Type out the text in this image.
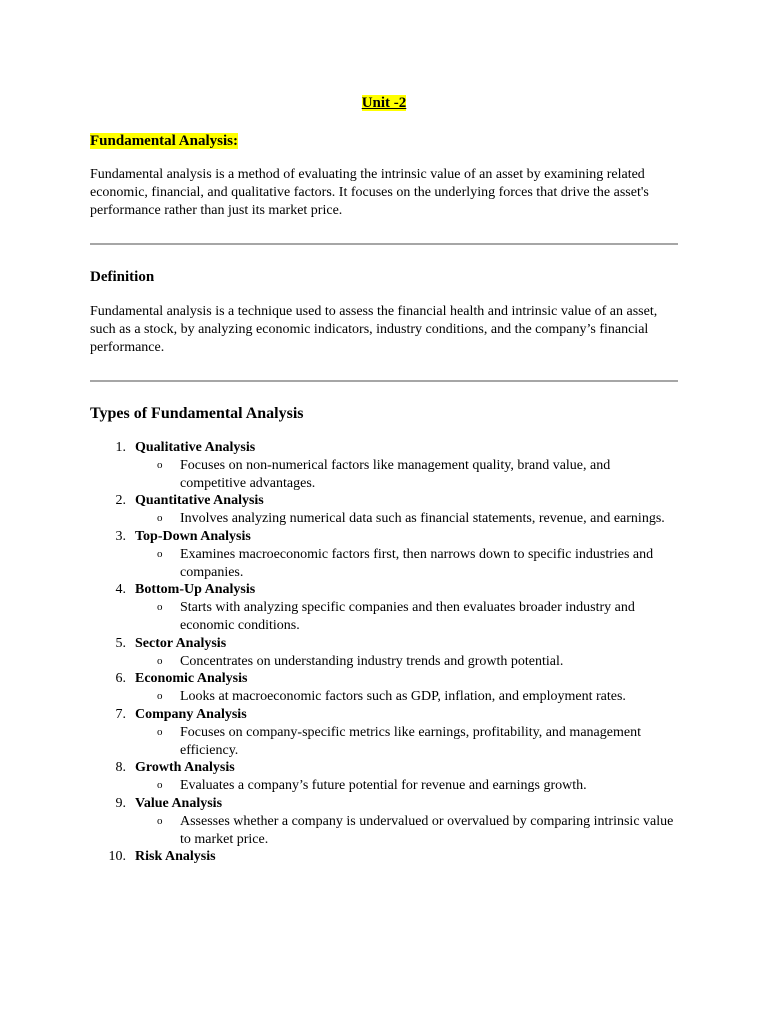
Unit -2
Fundamental Analysis:

Fundamental analysis is a method of evaluating the intrinsic value of an asset by examining related economic, financial, and qualitative factors. It focuses on the underlying forces that drive the asset's performance rather than just its market price.

Definition

Fundamental analysis is a technique used to assess the financial health and intrinsic value of an asset, such as a stock, by analyzing economic indicators, industry conditions, and the company’s financial performance.

Types of Fundamental Analysis
1. Qualitative Analysis
o Focuses on non-numerical factors like management quality, brand value, and competitive advantages.
2. Quantitative Analysis
o Involves analyzing numerical data such as financial statements, revenue, and earnings.
3. Top-Down Analysis
o Examines macroeconomic factors first, then narrows down to specific industries and companies.
4. Bottom-Up Analysis
o Starts with analyzing specific companies and then evaluates broader industry and economic conditions.
5. Sector Analysis
o Concentrates on understanding industry trends and growth potential.
6. Economic Analysis
o Looks at macroeconomic factors such as GDP, inflation, and employment rates.
7. Company Analysis
o Focuses on company-specific metrics like earnings, profitability, and management efficiency.
8. Growth Analysis
o Evaluates a company’s future potential for revenue and earnings growth.
9. Value Analysis
o Assesses whether a company is undervalued or overvalued by comparing intrinsic value to market price.
10. Risk Analysis
